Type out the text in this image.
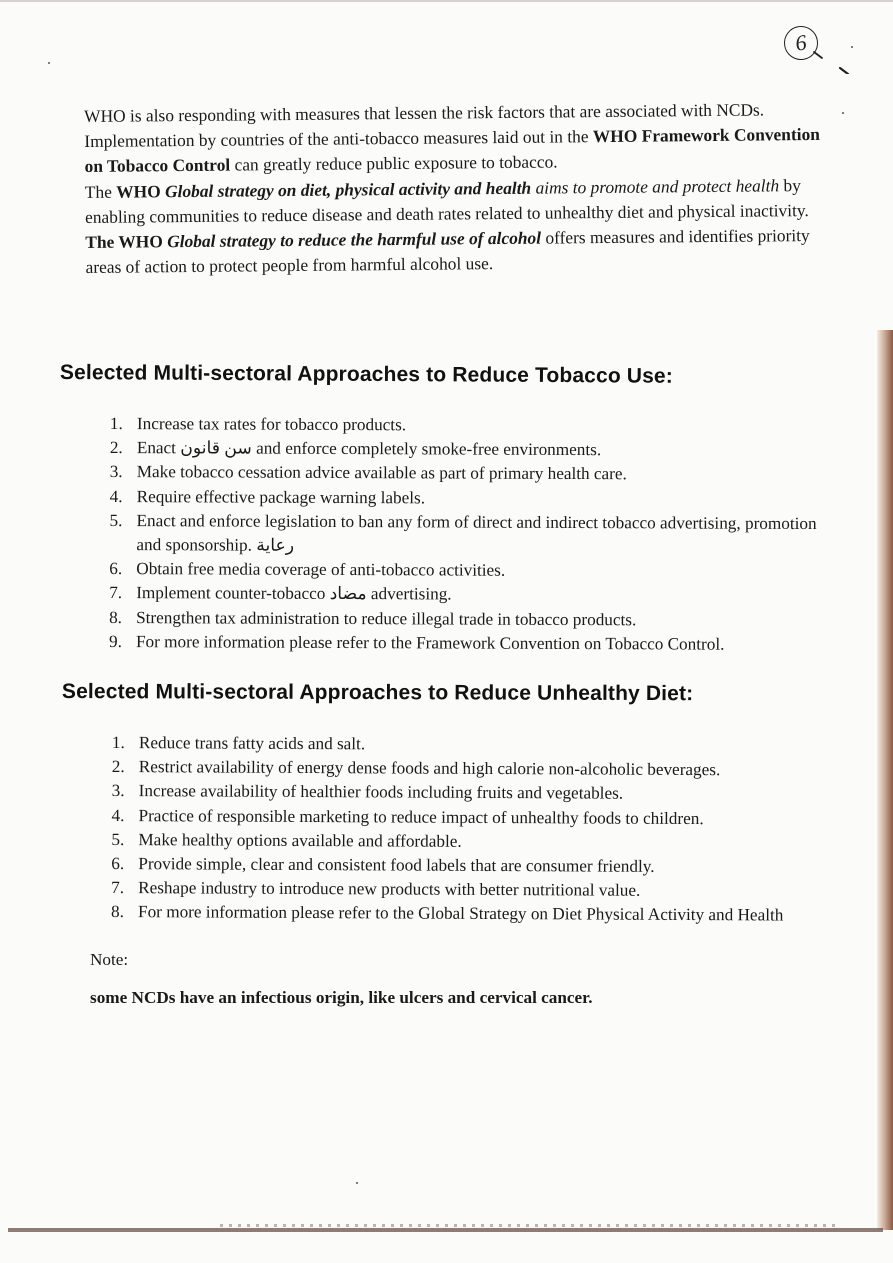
6

WHO is also responding with measures that lessen the risk factors that are associated with NCDs.

Implementation by countries of the anti-tobacco measures laid out in the WHO Framework Convention on Tobacco Control can greatly reduce public exposure to tobacco.

The WHO Global strategy on diet, physical activity and health aims to promote and protect health by enabling communities to reduce disease and death rates related to unhealthy diet and physical inactivity.

The WHO Global strategy to reduce the harmful use of alcohol offers measures and identifies priority areas of action to protect people from harmful alcohol use.

Selected Multi-sectoral Approaches to Reduce Tobacco Use:
1. Increase tax rates for tobacco products.
2. Enact سن قانون and enforce completely smoke-free environments.
3. Make tobacco cessation advice available as part of primary health care.
4. Require effective package warning labels.
5. Enact and enforce legislation to ban any form of direct and indirect tobacco advertising, promotion and sponsorship. رعاية
6. Obtain free media coverage of anti-tobacco activities.
7. Implement counter-tobacco مضاد advertising.
8. Strengthen tax administration to reduce illegal trade in tobacco products.
9. For more information please refer to the Framework Convention on Tobacco Control.
Selected Multi-sectoral Approaches to Reduce Unhealthy Diet:
1. Reduce trans fatty acids and salt.
2. Restrict availability of energy dense foods and high calorie non-alcoholic beverages.
3. Increase availability of healthier foods including fruits and vegetables.
4. Practice of responsible marketing to reduce impact of unhealthy foods to children.
5. Make healthy options available and affordable.
6. Provide simple, clear and consistent food labels that are consumer friendly.
7. Reshape industry to introduce new products with better nutritional value.
8. For more information please refer to the Global Strategy on Diet Physical Activity and Health

Note:

some NCDs have an infectious origin, like ulcers and cervical cancer.
